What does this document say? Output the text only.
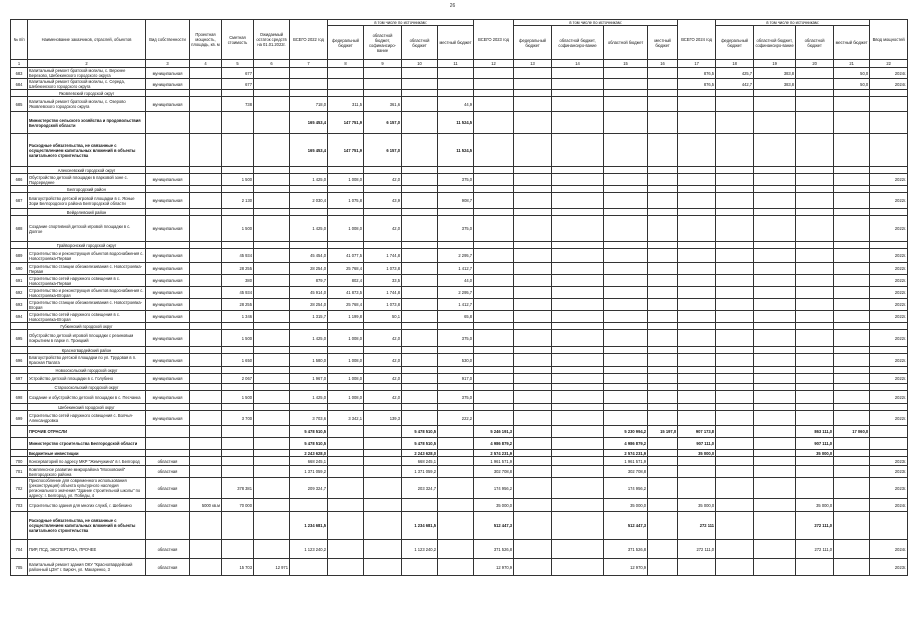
26
№ п/п	Наименование заказчиков, отраслей, объектов	Вид собственности	Проектная мощность, площадь, кв. м	Сметная стоимость	Ожидаемый остаток средств на 01.01.2022г.	ВСЕГО 2022 год	в том числе по источникам:				ВСЕГО 2023 год	в том числе по источникам:				ВСЕГО 2024 год	в том числе по источникам:				Ввод мощностей
							федеральный бюджет	областной бюджет, софинансиро-вание	областной бюджет	местный бюджет		федеральный бюджет	областной бюджет, софинансиро-вание	областной бюджет	местный бюджет		федеральный бюджет	областной бюджет, софинансиро-вание	областной бюджет	местный бюджет	
1	2	3	4	5	6	7	8	9	10	11	12	13	14	15	16	17	18	19	20	21	22
683	Капитальный ремонт братской могилы, с. Верхнее Березово, Шебекинского городского округа	муниципальная		677												876,5	425,7	383,8		50,0	2024г.
684	Капитальный ремонт братской могилы, с. Середа, Шебекинского городского округа	муниципальная		677												876,5	442,7	383,8		50,0	2024г.
	Яковлевский городской округ																				
685	Капитальный ремонт братской могилы, с. Озерово Яковлевского городского округа	муниципальная		738		718,0	311,5	361,6		44,9											
	Министерство сельского хозяйства и продовольствия Белгородской области					165 453,4	147 751,9	6 157,0		11 524,5											
	Расходные обязательства, не связанные с осуществлением капитальных вложений в объекты капитального строительства					165 453,4	147 751,9	6 157,0		11 524,5											
	Алексеевский городской округ																				
686	Обустройство детской площадки в парковой зоне с. Подсереднее	муниципальная		1 500		1 425,0	1 008,0	42,0		375,0											2022г.
	Белгородский район																				
687	Благоустройство детской игровой площадки в с. Ясные Зори Белгородского района Белгородской области	муниципальная		2 130		2 030,4	1 075,8	43,9		908,7											2022г.
	Вейделевский район																				
688	Создание спортивной детской игровой площадки в с. Долгое	муниципальная		1 500		1 425,0	1 008,0	42,0		375,0											2022г.
	Грайворонский городской округ																				
689	Строительство и реконструкция объектов водоснабжения с. Новостроевка-Первая	муниципальная		45 934		45 454,0	41 077,5	1 744,8		2 295,7											2022г.
690	Строительство станции обезжелезивания с. Новостроевка-Первая	муниципальная		28 255		28 254,0	25 768,4	1 073,8		1 412,7											2022г.
691	Строительство сетей наружного освещения в с. Новостроевка-Первая	муниципальная		380		879,7	802,4	33,5		44,0											2022г.
692	Строительство и реконструкция объектов водоснабжения с. Новостроевка-Вторая	муниципальная		45 934		45 914,0	41 873,5	1 744,8		2 295,7											2022г.
693	Строительство станции обезжелезивания с. Новостроевка-Вторая	муниципальная		28 255		28 254,0	25 768,4	1 073,8		1 412,7											2022г.
694	Строительство сетей наружного освещения в с. Новостроевка-Вторая	муниципальная		1 346		1 315,7	1 199,8	50,1		65,8											2022г.
	Губкинский городской округ																				
695	Обустройство детской игровой площадки с резиновым покрытием в парке п. Троицкий	муниципальная		1 500		1 425,0	1 008,0	42,0		375,0											2022г.
	Красногвардейский район																				
696	Благоустройство детской площадки по ул. Трудовая в п. Красная Палата	муниципальная		1 650		1 580,0	1 008,0	42,0		530,0											2022г.
	Новооскольский городской округ																				
697	Устройство детской площадки в с. Голубино	муниципальная		2 067		1 967,0	1 008,0	42,0		917,0											2022г.
	Старооскольский городской округ																				
698	Создание и обустройство детской площадки в с. Песчанка	муниципальная		1 500		1 425,0	1 008,0	42,0		375,0											2022г.
	Шебекинский городской округ																				
699	Строительство сетей наружного освещения с. Волчья-Александровка	муниципальная		3 700		3 703,6	3 342,1	139,3		222,2											2022г.
	ПРОЧИЕ ОТРАСЛИ					5 478 510,5			5 478 510,5		5 246 191,3			5 230 994,2	15 197,0	907 173,8			863 111,0	17 060,0	
	Министерство строительства Белгородской области					5 478 510,5			5 478 510,5		4 986 879,2			4 986 879,2		907 111,0			907 111,0		
	Бюджетные инвестиции					2 243 628,0			2 243 628,0		2 574 231,9			2 574 231,9		35 000,0			35 000,0		
700	Консерваторий по адресу МКР "Жемчужина" в г. Белгород	областная				668 245,1			668 245,1		1 961 571,9			1 961 571,9							2023г.
701	Комплексное развитие микрорайона "Московский" Белгородского района	областная				1 371 059,2			1 371 059,2		302 708,8			302 708,8							2023г.
702	Приспособление для современного использования (реконструкция) объекта культурного наследия регионального значения "Здание строительной школы" по адресу: г. Белгород, ул. Победы, 4	областная		378 381		209 324,7			203 324,7		174 956,2			174 956,2							2023г.
703	Строительство здания для многих служб, г. Шебекино	областная	5000 кв.м	70 000							35 000,0			35 000,0		35 000,0			35 000,0		2024г.
	Расходные обязательства, не связанные с осуществлением капитальных вложений в объекты капитального строительства					1 234 681,5			1 234 681,5		512 447,3			512 447,3		272 111			272 111,0		
704	ПИР, ПСД, ЭКСПЕРТИЗА, ПРОЧЕЕ	областная				1 123 240,2			1 123 240,2		371 526,8			371 526,8		272 111,0			272 111,0		2024г.
705	Капитальный ремонт здания ОКУ "Красногвардейский районный ЦЗН" г. Бирюч, ул. Макаренко, 3	областная		15 703	12 971						12 970,9			12 970,9							2023г.
